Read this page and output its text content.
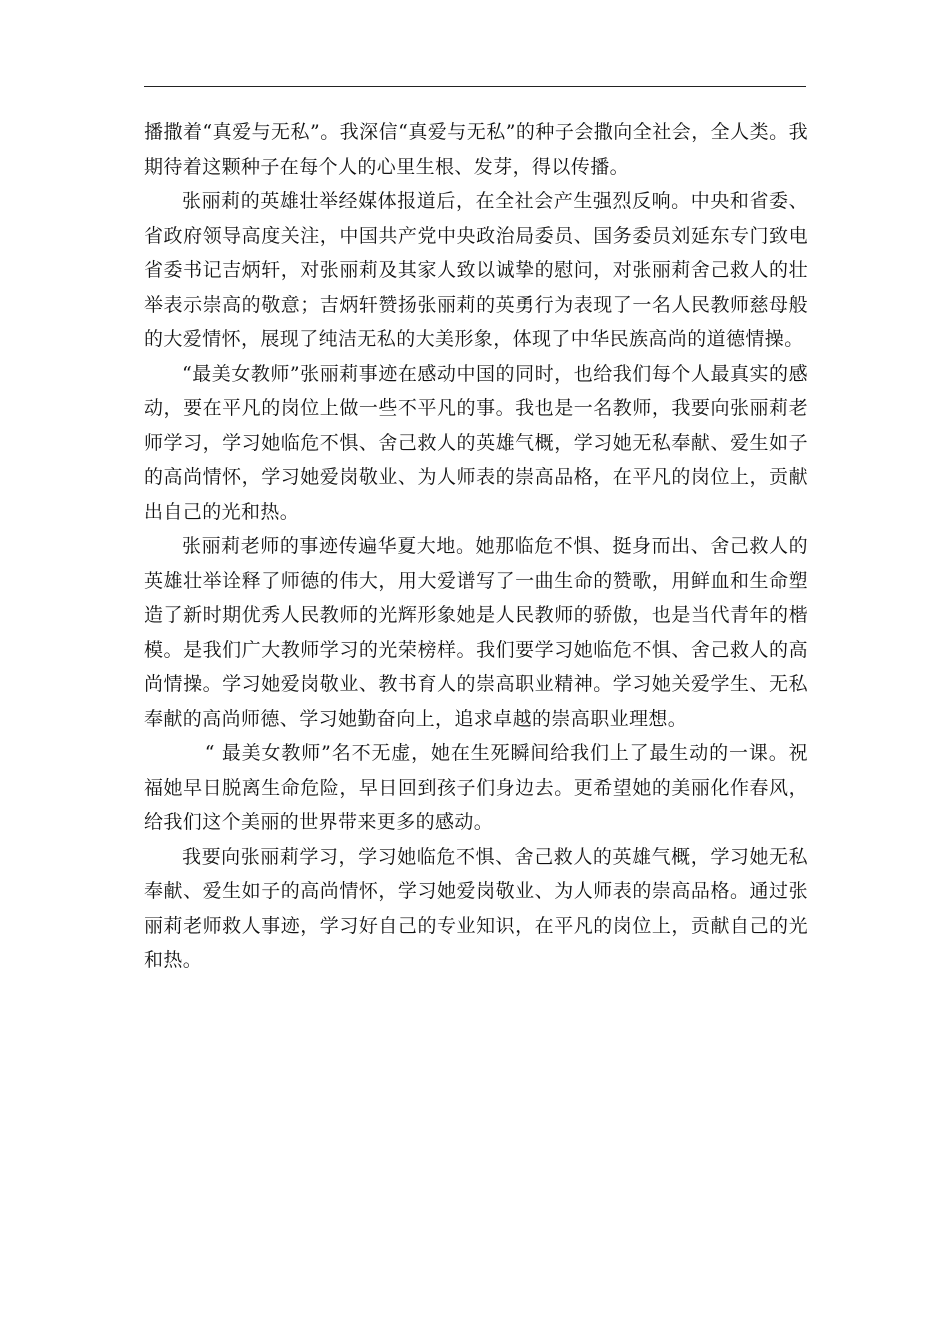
播撒着“真爱与无私”。我深信“真爱与无私”的种子会撒向全社会，全人类。我期待着这颗种子在每个人的心里生根、发芽，得以传播。

张丽莉的英雄壮举经媒体报道后，在全社会产生强烈反响。中央和省委、省政府领导高度关注，中国共产党中央政治局委员、国务委员刘延东专门致电省委书记吉炳轩，对张丽莉及其家人致以诚挚的慰问，对张丽莉舍己救人的壮举表示崇高的敬意；吉炳轩赞扬张丽莉的英勇行为表现了一名人民教师慈母般的大爱情怀，展现了纯洁无私的大美形象，体现了中华民族高尚的道德情操。

“最美女教师”张丽莉事迹在感动中国的同时，也给我们每个人最真实的感动，要在平凡的岗位上做一些不平凡的事。我也是一名教师，我要向张丽莉老师学习，学习她临危不惧、舍己救人的英雄气概，学习她无私奉献、爱生如子的高尚情怀，学习她爱岗敬业、为人师表的崇高品格，在平凡的岗位上，贡献出自己的光和热。

张丽莉老师的事迹传遍华夏大地。她那临危不惧、挺身而出、舍己救人的英雄壮举诠释了师德的伟大，用大爱谱写了一曲生命的赞歌，用鲜血和生命塑造了新时期优秀人民教师的光辉形象她是人民教师的骄傲，也是当代青年的楷模。是我们广大教师学习的光荣榜样。我们要学习她临危不惧、舍己救人的高尚情操。学习她爱岗敬业、教书育人的崇高职业精神。学习她关爱学生、无私奉献的高尚师德、学习她勤奋向上，追求卓越的崇高职业理想。

“ 最美女教师”名不无虚，她在生死瞬间给我们上了最生动的一课。祝福她早日脱离生命危险，早日回到孩子们身边去。更希望她的美丽化作春风，给我们这个美丽的世界带来更多的感动。

我要向张丽莉学习，学习她临危不惧、舍己救人的英雄气概，学习她无私奉献、爱生如子的高尚情怀，学习她爱岗敬业、为人师表的崇高品格。通过张丽莉老师救人事迹，学习好自己的专业知识，在平凡的岗位上，贡献自己的光和热。
